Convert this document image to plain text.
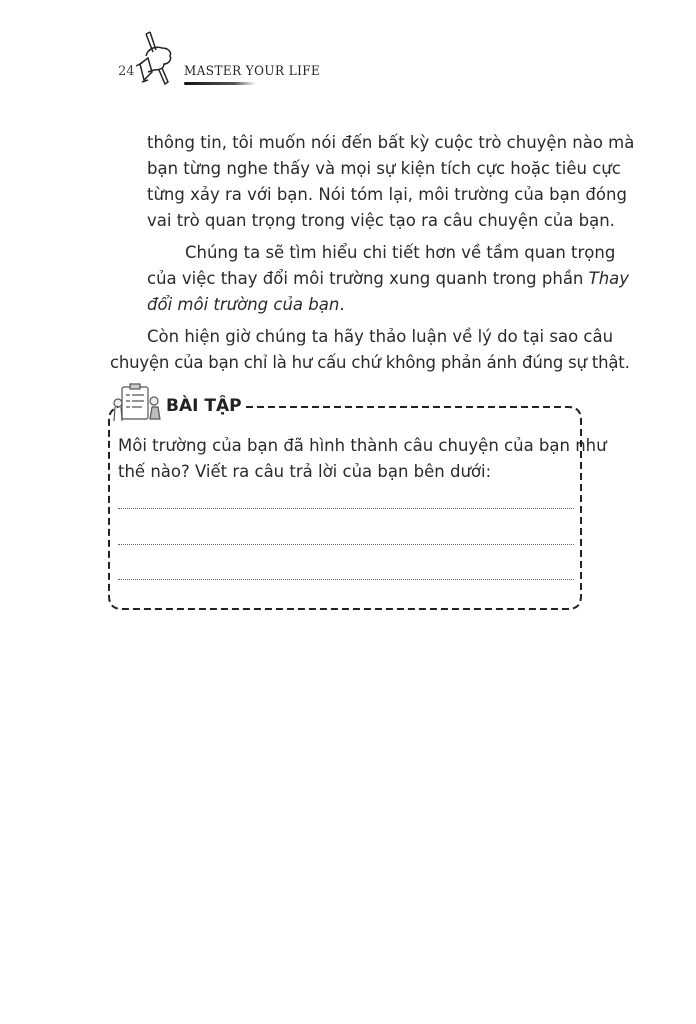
24	MASTER YOUR LIFE
thông tin, tôi muốn nói đến bất kỳ cuộc trò chuyện nào mà
bạn từng nghe thấy và mọi sự kiện tích cực hoặc tiêu cực
từng xảy ra với bạn. Nói tóm lại, môi trường của bạn đóng
vai trò quan trọng trong việc tạo ra câu chuyện của bạn.
Chúng ta sẽ tìm hiểu chi tiết hơn về tầm quan trọng
của việc thay đổi môi trường xung quanh trong phần Thay
đổi môi trường của bạn.
Còn hiện giờ chúng ta hãy thảo luận về lý do tại sao câu
chuyện của bạn chỉ là hư cấu chứ không phản ánh đúng sự thật.
BÀI TẬP
Môi trường của bạn đã hình thành câu chuyện của bạn như
thế nào? Viết ra câu trả lời của bạn bên dưới:
